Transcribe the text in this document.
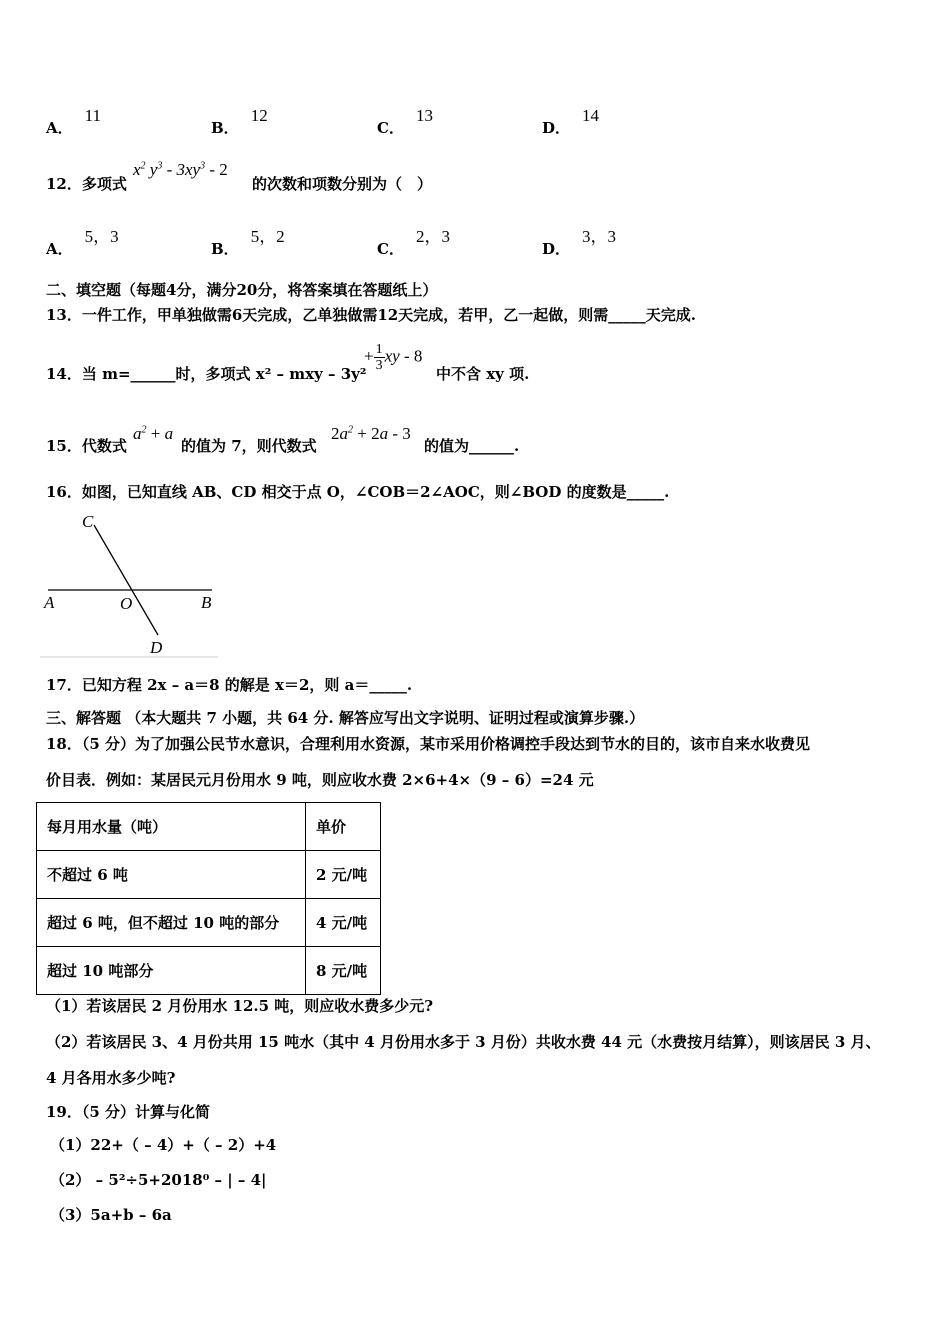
A．11
B．12
C．13
D．14
12．多项式
$x^2$ $y^3 - 3xy^3 - 2$
的次数和项数分别为（　）
A．5，3
B．5，2
C．2，3
D．3，3
二、填空题（每题4分，满分20分，将答案填在答题纸上）
13．一件工作，甲单独做需6天完成，乙单独做需12天完成，若甲，乙一起做，则需_____天完成.
14．当 m=______时，多项式 x² – mxy – 3y²
+ $\frac{1}{3}$ xy - 8
中不含 xy 项.
15．代数式
$a^2 + a$
的值为 7，则代数式
$2a^2 + 2a - 3$
的值为______.
16．如图，已知直线 AB、CD 相交于点 O，∠COB＝2∠AOC，则∠BOD 的度数是_____.
C
A	O	B
D
17．已知方程 2x – a＝8 的解是 x＝2，则 a＝_____.
三、解答题 （本大题共 7 小题，共 64 分. 解答应写出文字说明、证明过程或演算步骤.）
18．（5 分）为了加强公民节水意识，合理利用水资源，某市采用价格调控手段达到节水的目的，该市自来水收费见
价目表．例如：某居民元月份用水 9 吨，则应收水费 2×6+4×（9 – 6）=24 元
每月用水量（吨）	单价
不超过 6 吨	2 元/吨
超过 6 吨，但不超过 10 吨的部分	4 元/吨
超过 10 吨部分	8 元/吨
（1）若该居民 2 月份用水 12.5 吨，则应收水费多少元?
（2）若该居民 3、4 月份共用 15 吨水（其中 4 月份用水多于 3 月份）共收水费 44 元（水费按月结算），则该居民 3 月、
4 月各用水多少吨?
19．（5 分）计算与化简
（1）22+（ – 4）+（ – 2）+4
（2） – 5²÷5+2018⁰ – | – 4|
（3）5a+b – 6a
